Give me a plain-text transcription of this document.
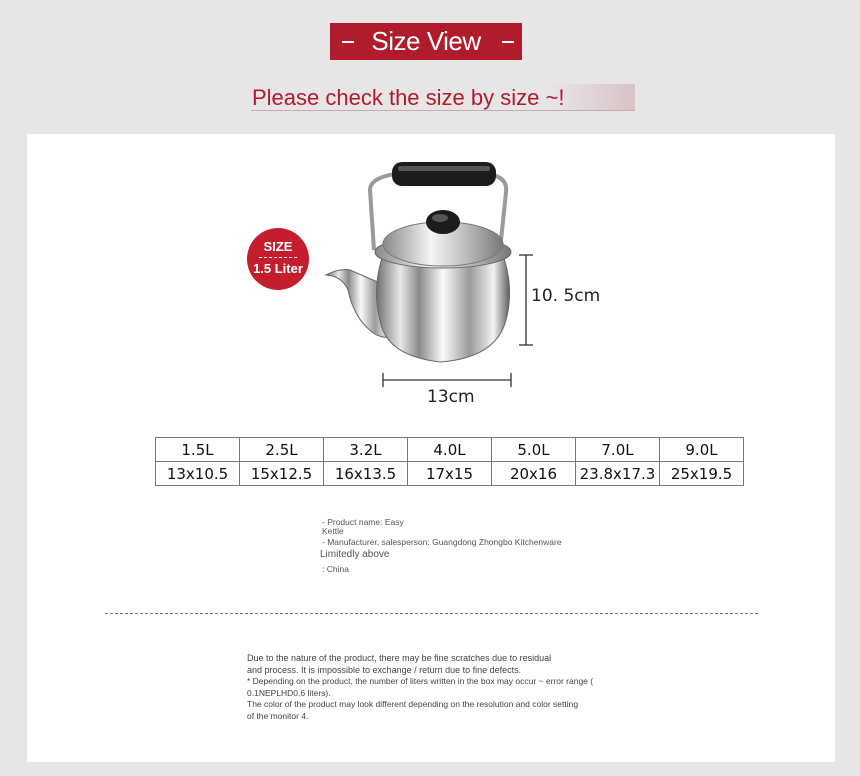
Size View
Please check the size by size ~!
SIZE
1.5 Liter
10. 5cm
13cm
1.5L	2.5L	3.2L	4.0L	5.0L	7.0L	9.0L
13x10.5	15x12.5	16x13.5	17x15	20x16	23.8x17.3	25x19.5
- Product name: Easy
Kettle
- Manufacturer, salesperson: Guangdong Zhongbo Kitchenware
Limitedly above
: China
Due to the nature of the product, there may be fine scratches due to residual
and process. It is impossible to exchange / return due to fine defects.
* Depending on the product, the number of liters written in the box may occur ~ error range (
0.1NEPLHD0.6 liters).
The color of the product may look different depending on the resolution and color setting
of the monitor 4.
